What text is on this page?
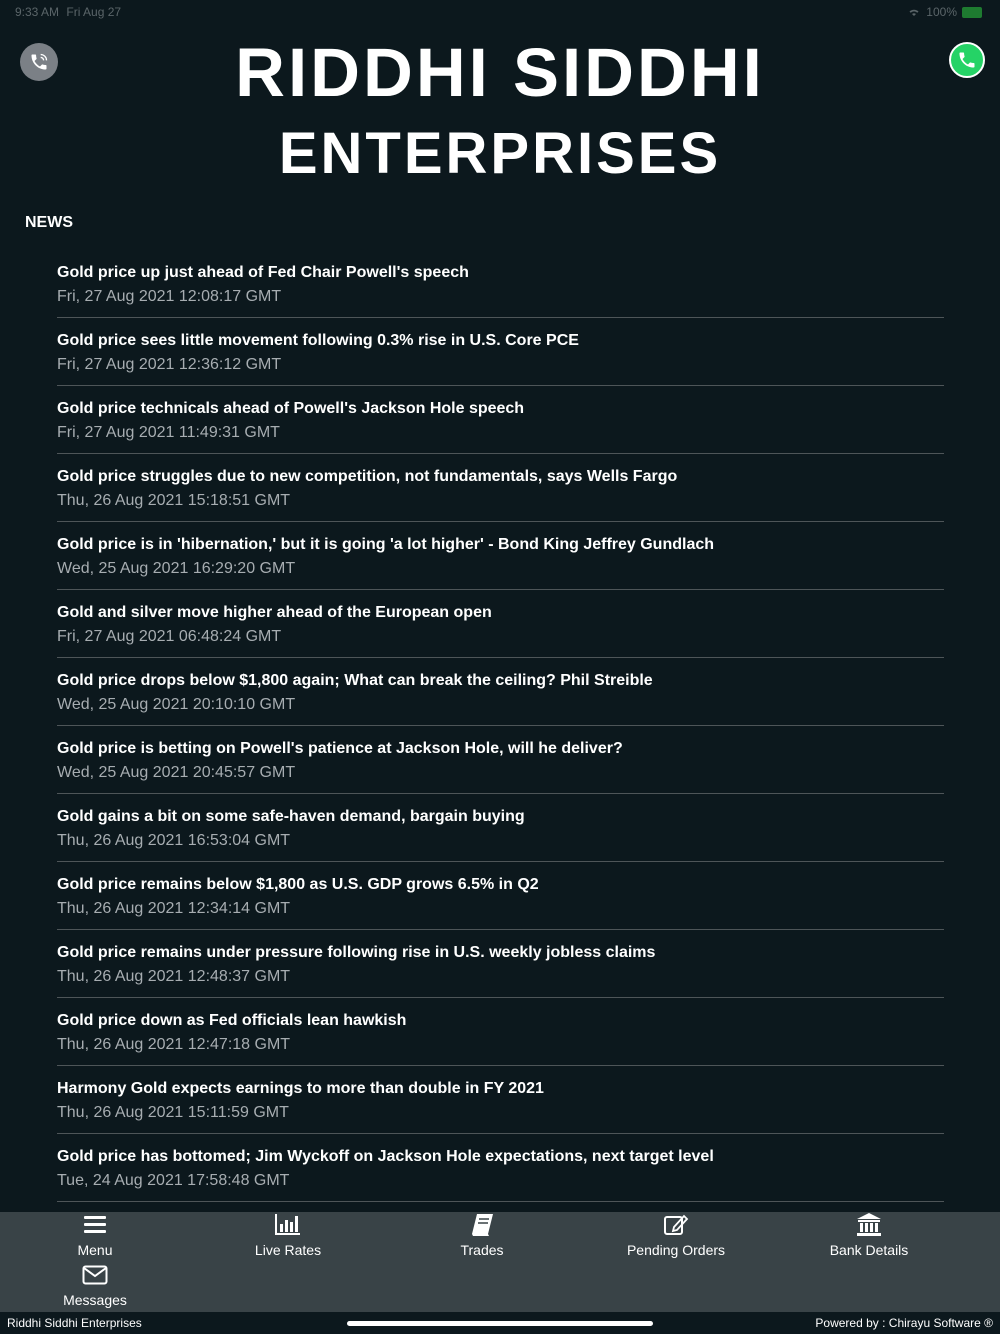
9:33 AM Fri Aug 27	100%
RIDDHI SIDDHI
ENTERPRISES
NEWS
Gold price up just ahead of Fed Chair Powell's speech
Fri, 27 Aug 2021 12:08:17 GMT
Gold price sees little movement following 0.3% rise in U.S. Core PCE
Fri, 27 Aug 2021 12:36:12 GMT
Gold price technicals ahead of Powell's Jackson Hole speech
Fri, 27 Aug 2021 11:49:31 GMT
Gold price struggles due to new competition, not fundamentals, says Wells Fargo
Thu, 26 Aug 2021 15:18:51 GMT
Gold price is in 'hibernation,' but it is going 'a lot higher' - Bond King Jeffrey Gundlach
Wed, 25 Aug 2021 16:29:20 GMT
Gold and silver move higher ahead of the European open
Fri, 27 Aug 2021 06:48:24 GMT
Gold price drops below $1,800 again; What can break the ceiling? Phil Streible
Wed, 25 Aug 2021 20:10:10 GMT
Gold price is betting on Powell's patience at Jackson Hole, will he deliver?
Wed, 25 Aug 2021 20:45:57 GMT
Gold gains a bit on some safe-haven demand, bargain buying
Thu, 26 Aug 2021 16:53:04 GMT
Gold price remains below $1,800 as U.S. GDP grows 6.5% in Q2
Thu, 26 Aug 2021 12:34:14 GMT
Gold price remains under pressure following rise in U.S. weekly jobless claims
Thu, 26 Aug 2021 12:48:37 GMT
Gold price down as Fed officials lean hawkish
Thu, 26 Aug 2021 12:47:18 GMT
Harmony Gold expects earnings to more than double in FY 2021
Thu, 26 Aug 2021 15:11:59 GMT
Gold price has bottomed; Jim Wyckoff on Jackson Hole expectations, next target level
Tue, 24 Aug 2021 17:58:48 GMT
Menu	Live Rates	Trades	Pending Orders	Bank Details
Messages
Riddhi Siddhi Enterprises	Powered by : Chirayu Software ®
